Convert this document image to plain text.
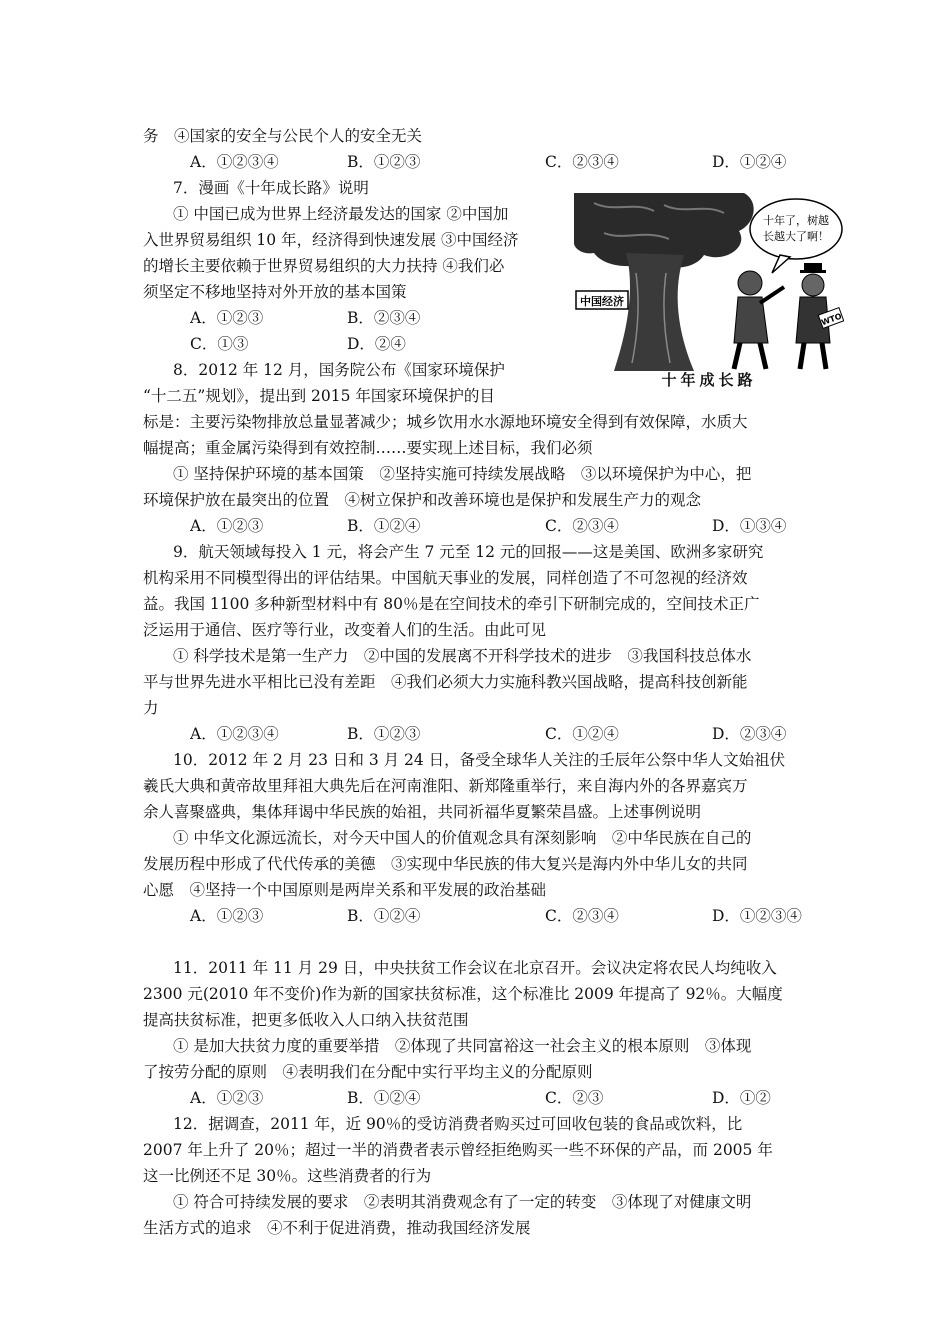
务　④国家的安全与公民个人的安全无关
A．①②③④	B．①②③	C．②③④	D．①②④
7．漫画《十年成长路》说明
① 中国已成为世界上经济最发达的国家 ②中国加
入世界贸易组织 10 年，经济得到快速发展 ③中国经济
的增长主要依赖于世界贸易组织的大力扶持 ④我们必
须坚定不移地坚持对外开放的基本国策
A．①②③	B．②③④
C．①③	D．②④
8．2012 年 12 月，国务院公布《国家环境保护
“十二五”规划》，提出到 2015 年国家环境保护的目
标是：主要污染物排放总量显著减少；城乡饮用水水源地环境安全得到有效保障，水质大
幅提高；重金属污染得到有效控制……要实现上述目标，我们必须
① 坚持保护环境的基本国策　②坚持实施可持续发展战略　③以环境保护为中心，把
环境保护放在最突出的位置　④树立保护和改善环境也是保护和发展生产力的观念
A．①②③	B．①②④	C．②③④	D．①③④
9．航天领域每投入 1 元，将会产生 7 元至 12 元的回报——这是美国、欧洲多家研究
机构采用不同模型得出的评估结果。中国航天事业的发展，同样创造了不可忽视的经济效
益。我国 1100 多种新型材料中有 80％是在空间技术的牵引下研制完成的，空间技术正广
泛运用于通信、医疗等行业，改变着人们的生活。由此可见
① 科学技术是第一生产力　②中国的发展离不开科学技术的进步　③我国科技总体水
平与世界先进水平相比已没有差距　④我们必须大力实施科教兴国战略，提高科技创新能
力
A．①②③④	B．①②③	C．①②④	D．②③④
10．2012 年 2 月 23 日和 3 月 24 日，备受全球华人关注的壬辰年公祭中华人文始祖伏
羲氏大典和黄帝故里拜祖大典先后在河南淮阳、新郑隆重举行，来自海内外的各界嘉宾万
余人喜聚盛典，集体拜谒中华民族的始祖，共同祈福华夏繁荣昌盛。上述事例说明
① 中华文化源远流长，对今天中国人的价值观念具有深刻影响　②中华民族在自己的
发展历程中形成了代代传承的美德　③实现中华民族的伟大复兴是海内外中华儿女的共同
心愿　④坚持一个中国原则是两岸关系和平发展的政治基础
A．①②③	B．①②④	C．②③④	D．①②③④
11．2011 年 11 月 29 日，中央扶贫工作会议在北京召开。会议决定将农民人均纯收入
2300 元(2010 年不变价)作为新的国家扶贫标准，这个标准比 2009 年提高了 92％。大幅度
提高扶贫标准，把更多低收入人口纳入扶贫范围
① 是加大扶贫力度的重要举措　②体现了共同富裕这一社会主义的根本原则　③体现
了按劳分配的原则　④表明我们在分配中实行平均主义的分配原则
A．①②③	B．①②④	C．②③	D．①②
12．据调查，2011 年，近 90％的受访消费者购买过可回收包装的食品或饮料，比
2007 年上升了 20％；超过一半的消费者表示曾经拒绝购买一些不环保的产品，而 2005 年
这一比例还不足 30％。这些消费者的行为
① 符合可持续发展的要求　②表明其消费观念有了一定的转变　③体现了对健康文明
生活方式的追求　④不利于促进消费，推动我国经济发展
中国经济
十年了，树越
长越大了啊！
WTO
十年成长路
